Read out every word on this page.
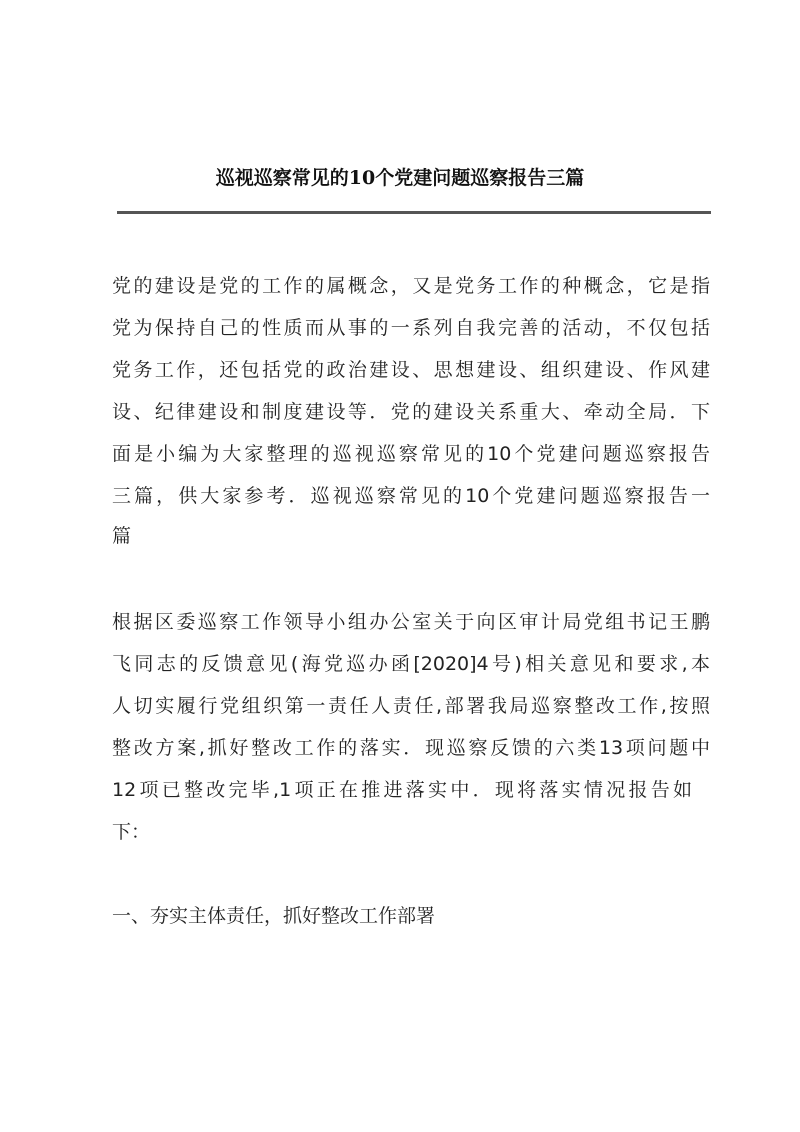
巡视巡察常见的10个党建问题巡察报告三篇
党的建设是党的工作的属概念，又是党务工作的种概念，它是指
党为保持自己的性质而从事的一系列自我完善的活动，不仅包括
党务工作，还包括党的政治建设、思想建设、组织建设、作风建
设、纪律建设和制度建设等．党的建设关系重大、牵动全局．下
面是小编为大家整理的巡视巡察常见的10个党建问题巡察报告
三篇，供大家参考．巡视巡察常见的10个党建问题巡察报告一
篇
根据区委巡察工作领导小组办公室关于向区审计局党组书记王鹏
飞同志的反馈意见(海党巡办函[2020]4号)相关意见和要求,本
人切实履行党组织第一责任人责任,部署我局巡察整改工作,按照
整改方案,抓好整改工作的落实．现巡察反馈的六类13项问题中
12项已整改完毕,1项正在推进落实中．现将落实情况报告如
下：
一、夯实主体责任，抓好整改工作部署
